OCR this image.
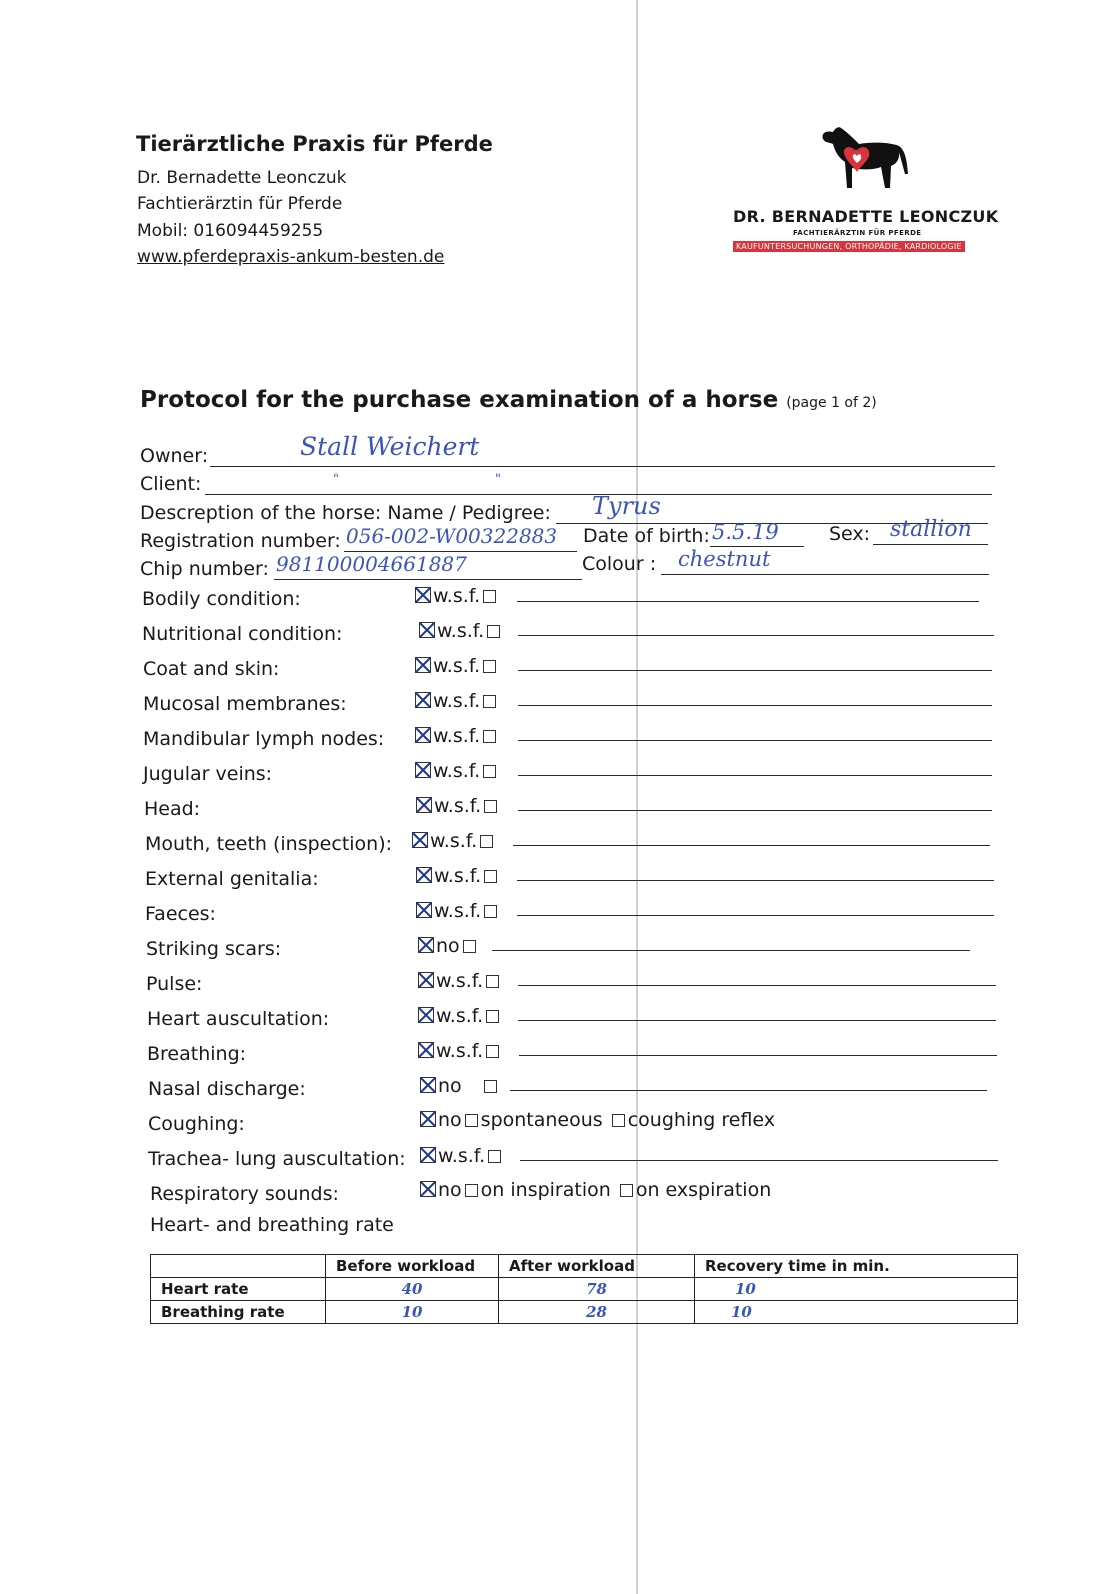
Tierärztliche Praxis für Pferde
Dr. Bernadette Leonczuk
Fachtierärztin für Pferde
Mobil: 016094459255
www.pferdepraxis-ankum-besten.de
DR. BERNADETTE LEONCZUK
FACHTIERÄRZTIN FÜR PFERDE
KAUFUNTERSUCHUNGEN, ORTHOPÄDIE, KARDIOLOGIE
Protocol for the purchase examination of a horse (page 1 of 2)
Owner:	Stall Weichert
Client:	"	"
Descreption of the horse: Name / Pedigree: Tyrus
Registration number: 056-002-W00322883 Date of birth: 5.5.19	Sex: stallion
Chip number: 981100004661887	Colour : chestnut
Bodily condition:	w.s.f.
Nutritional condition:	w.s.f.
Coat and skin:	w.s.f.
Mucosal membranes:	w.s.f.
Mandibular lymph nodes:	w.s.f.
Jugular veins:	w.s.f.
Head:	w.s.f.
Mouth, teeth (inspection):	w.s.f.
External genitalia:	w.s.f.
Faeces:	w.s.f.
Striking scars:	no
Pulse:	w.s.f.
Heart auscultation:	w.s.f.
Breathing:	w.s.f.
Nasal discharge:	no
Coughing:	no spontaneous coughing reflex
Trachea- lung auscultation:	w.s.f.
Respiratory sounds:	no on inspiration on exspiration
Heart- and breathing rate
	Before workload	After workload	Recovery time in min.
Heart rate	40	78	10
Breathing rate	10	28	10
